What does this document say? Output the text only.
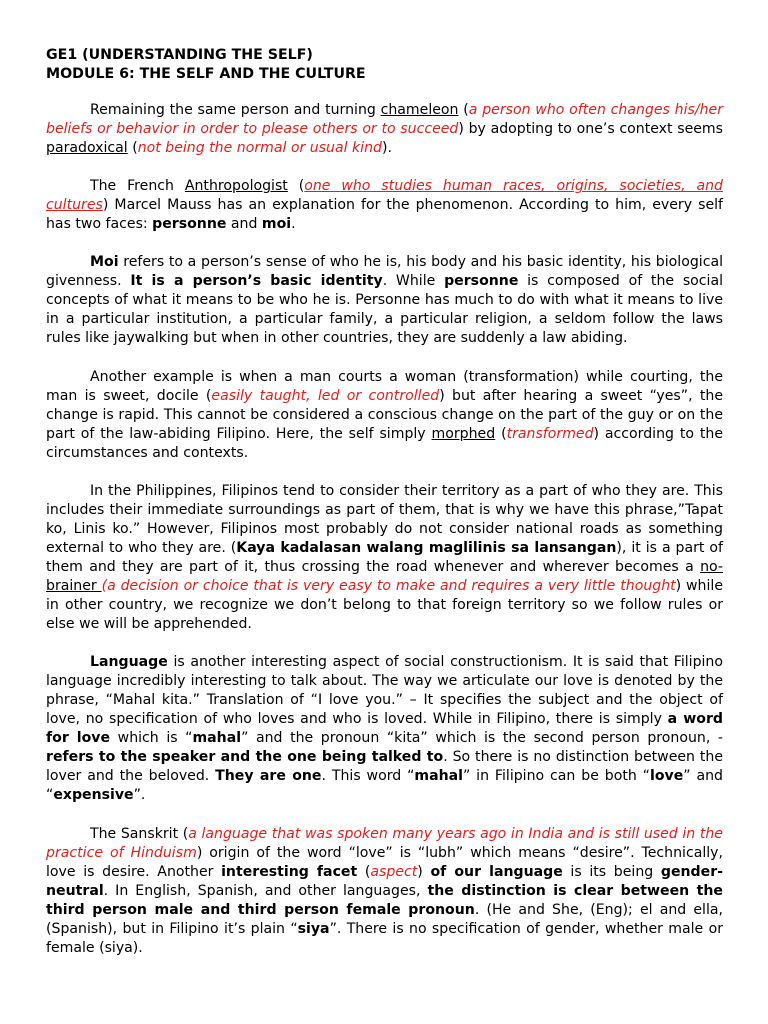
GE1 (UNDERSTANDING THE SELF)

MODULE 6: THE SELF AND THE CULTURE

Remaining the same person and turning chameleon (a person who often changes his/her beliefs or behavior in order to please others or to succeed) by adopting to one’s context seems paradoxical (not being the normal or usual kind).

The French Anthropologist (one who studies human races, origins, societies, and cultures) Marcel Mauss has an explanation for the phenomenon. According to him, every self has two faces: personne and moi.

Moi refers to a person’s sense of who he is, his body and his basic identity, his biological givenness. It is a person’s basic identity. While personne is composed of the social concepts of what it means to be who he is. Personne has much to do with what it means to live in a particular institution, a particular family, a particular religion, a seldom follow the laws rules like jaywalking but when in other countries, they are suddenly a law abiding.

Another example is when a man courts a woman (transformation) while courting, the man is sweet, docile (easily taught, led or controlled) but after hearing a sweet “yes”, the change is rapid. This cannot be considered a conscious change on the part of the guy or on the part of the law-abiding Filipino. Here, the self simply morphed (transformed) according to the circumstances and contexts.

In the Philippines, Filipinos tend to consider their territory as a part of who they are. This includes their immediate surroundings as part of them, that is why we have this phrase,”Tapat ko, Linis ko.” However, Filipinos most probably do not consider national roads as something external to who they are. (Kaya kadalasan walang maglilinis sa lansangan), it is a part of them and they are part of it, thus crossing the road whenever and wherever becomes a no-brainer (a decision or choice that is very easy to make and requires a very little thought) while in other country, we recognize we don’t belong to that foreign territory so we follow rules or else we will be apprehended.

Language is another interesting aspect of social constructionism. It is said that Filipino language incredibly interesting to talk about. The way we articulate our love is denoted by the phrase, “Mahal kita.” Translation of “I love you.” – It specifies the subject and the object of love, no specification of who loves and who is loved. While in Filipino, there is simply a word for love which is “mahal” and the pronoun “kita” which is the second person pronoun, - refers to the speaker and the one being talked to. So there is no distinction between the lover and the beloved. They are one. This word “mahal” in Filipino can be both “love” and “expensive”.

The Sanskrit (a language that was spoken many years ago in India and is still used in the practice of Hinduism) origin of the word “love” is “lubh” which means “desire”. Technically, love is desire. Another interesting facet (aspect) of our language is its being gender-neutral. In English, Spanish, and other languages, the distinction is clear between the third person male and third person female pronoun. (He and She, (Eng); el and ella, (Spanish), but in Filipino it’s plain “siya”. There is no specification of gender, whether male or female (siya).
